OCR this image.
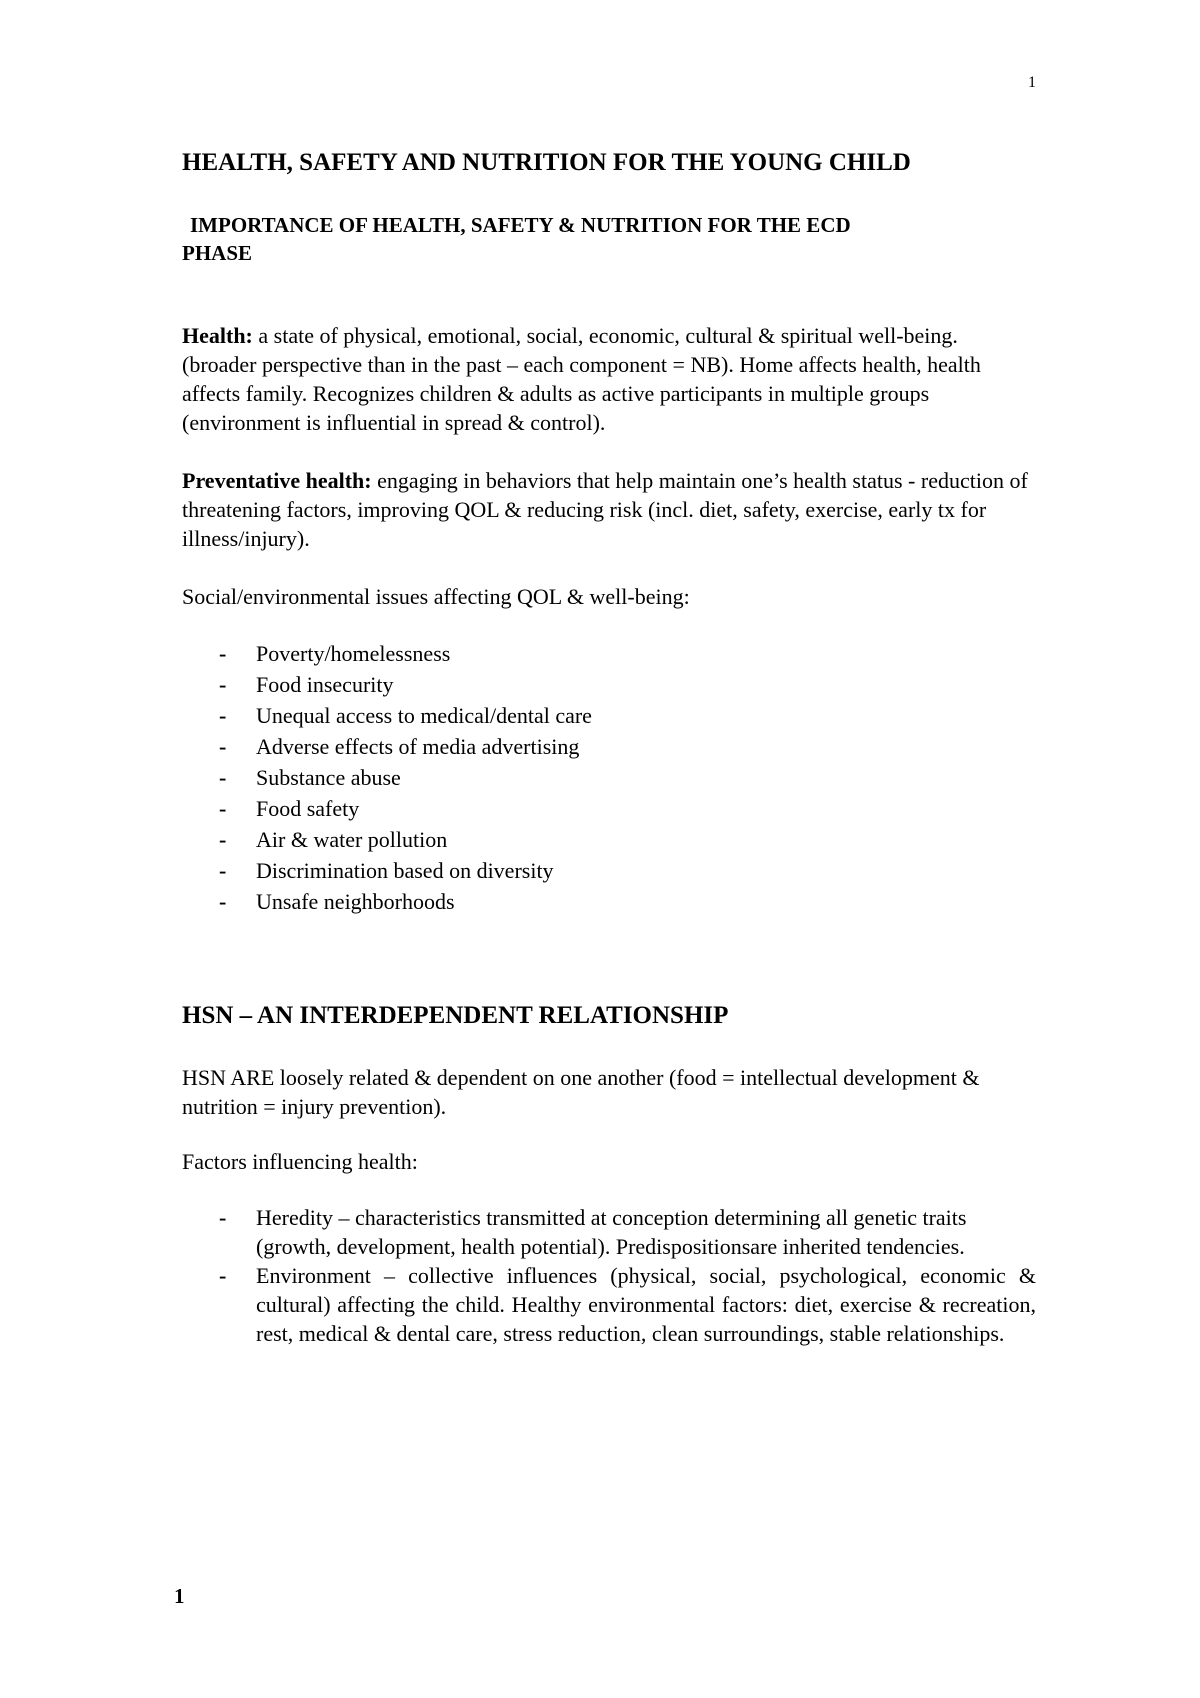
1
HEALTH, SAFETY AND NUTRITION FOR THE YOUNG CHILD
IMPORTANCE OF HEALTH, SAFETY & NUTRITION FOR THE ECD
PHASE

Health: a state of physical, emotional, social, economic, cultural & spiritual well-being. (broader perspective than in the past – each component = NB). Home affects health, health affects family. Recognizes children & adults as active participants in multiple groups (environment is influential in spread & control).

Preventative health: engaging in behaviors that help maintain one’s health status - reduction of threatening factors, improving QOL & reducing risk (incl. diet, safety, exercise, early tx for illness/injury).

Social/environmental issues affecting QOL & well-being:

- Poverty/homelessness
- Food insecurity
- Unequal access to medical/dental care
- Adverse effects of media advertising
- Substance abuse
- Food safety
- Air & water pollution
- Discrimination based on diversity
- Unsafe neighborhoods
HSN – AN INTERDEPENDENT RELATIONSHIP

HSN ARE loosely related & dependent on one another (food = intellectual development & nutrition = injury prevention).

Factors influencing health:

- Heredity – characteristics transmitted at conception determining all genetic traits (growth, development, health potential). Predispositionsare inherited tendencies.
- Environment – collective influences (physical, social, psychological, economic & cultural) affecting the child. Healthy environmental factors: diet, exercise & recreation, rest, medical & dental care, stress reduction, clean surroundings, stable relationships.
1
